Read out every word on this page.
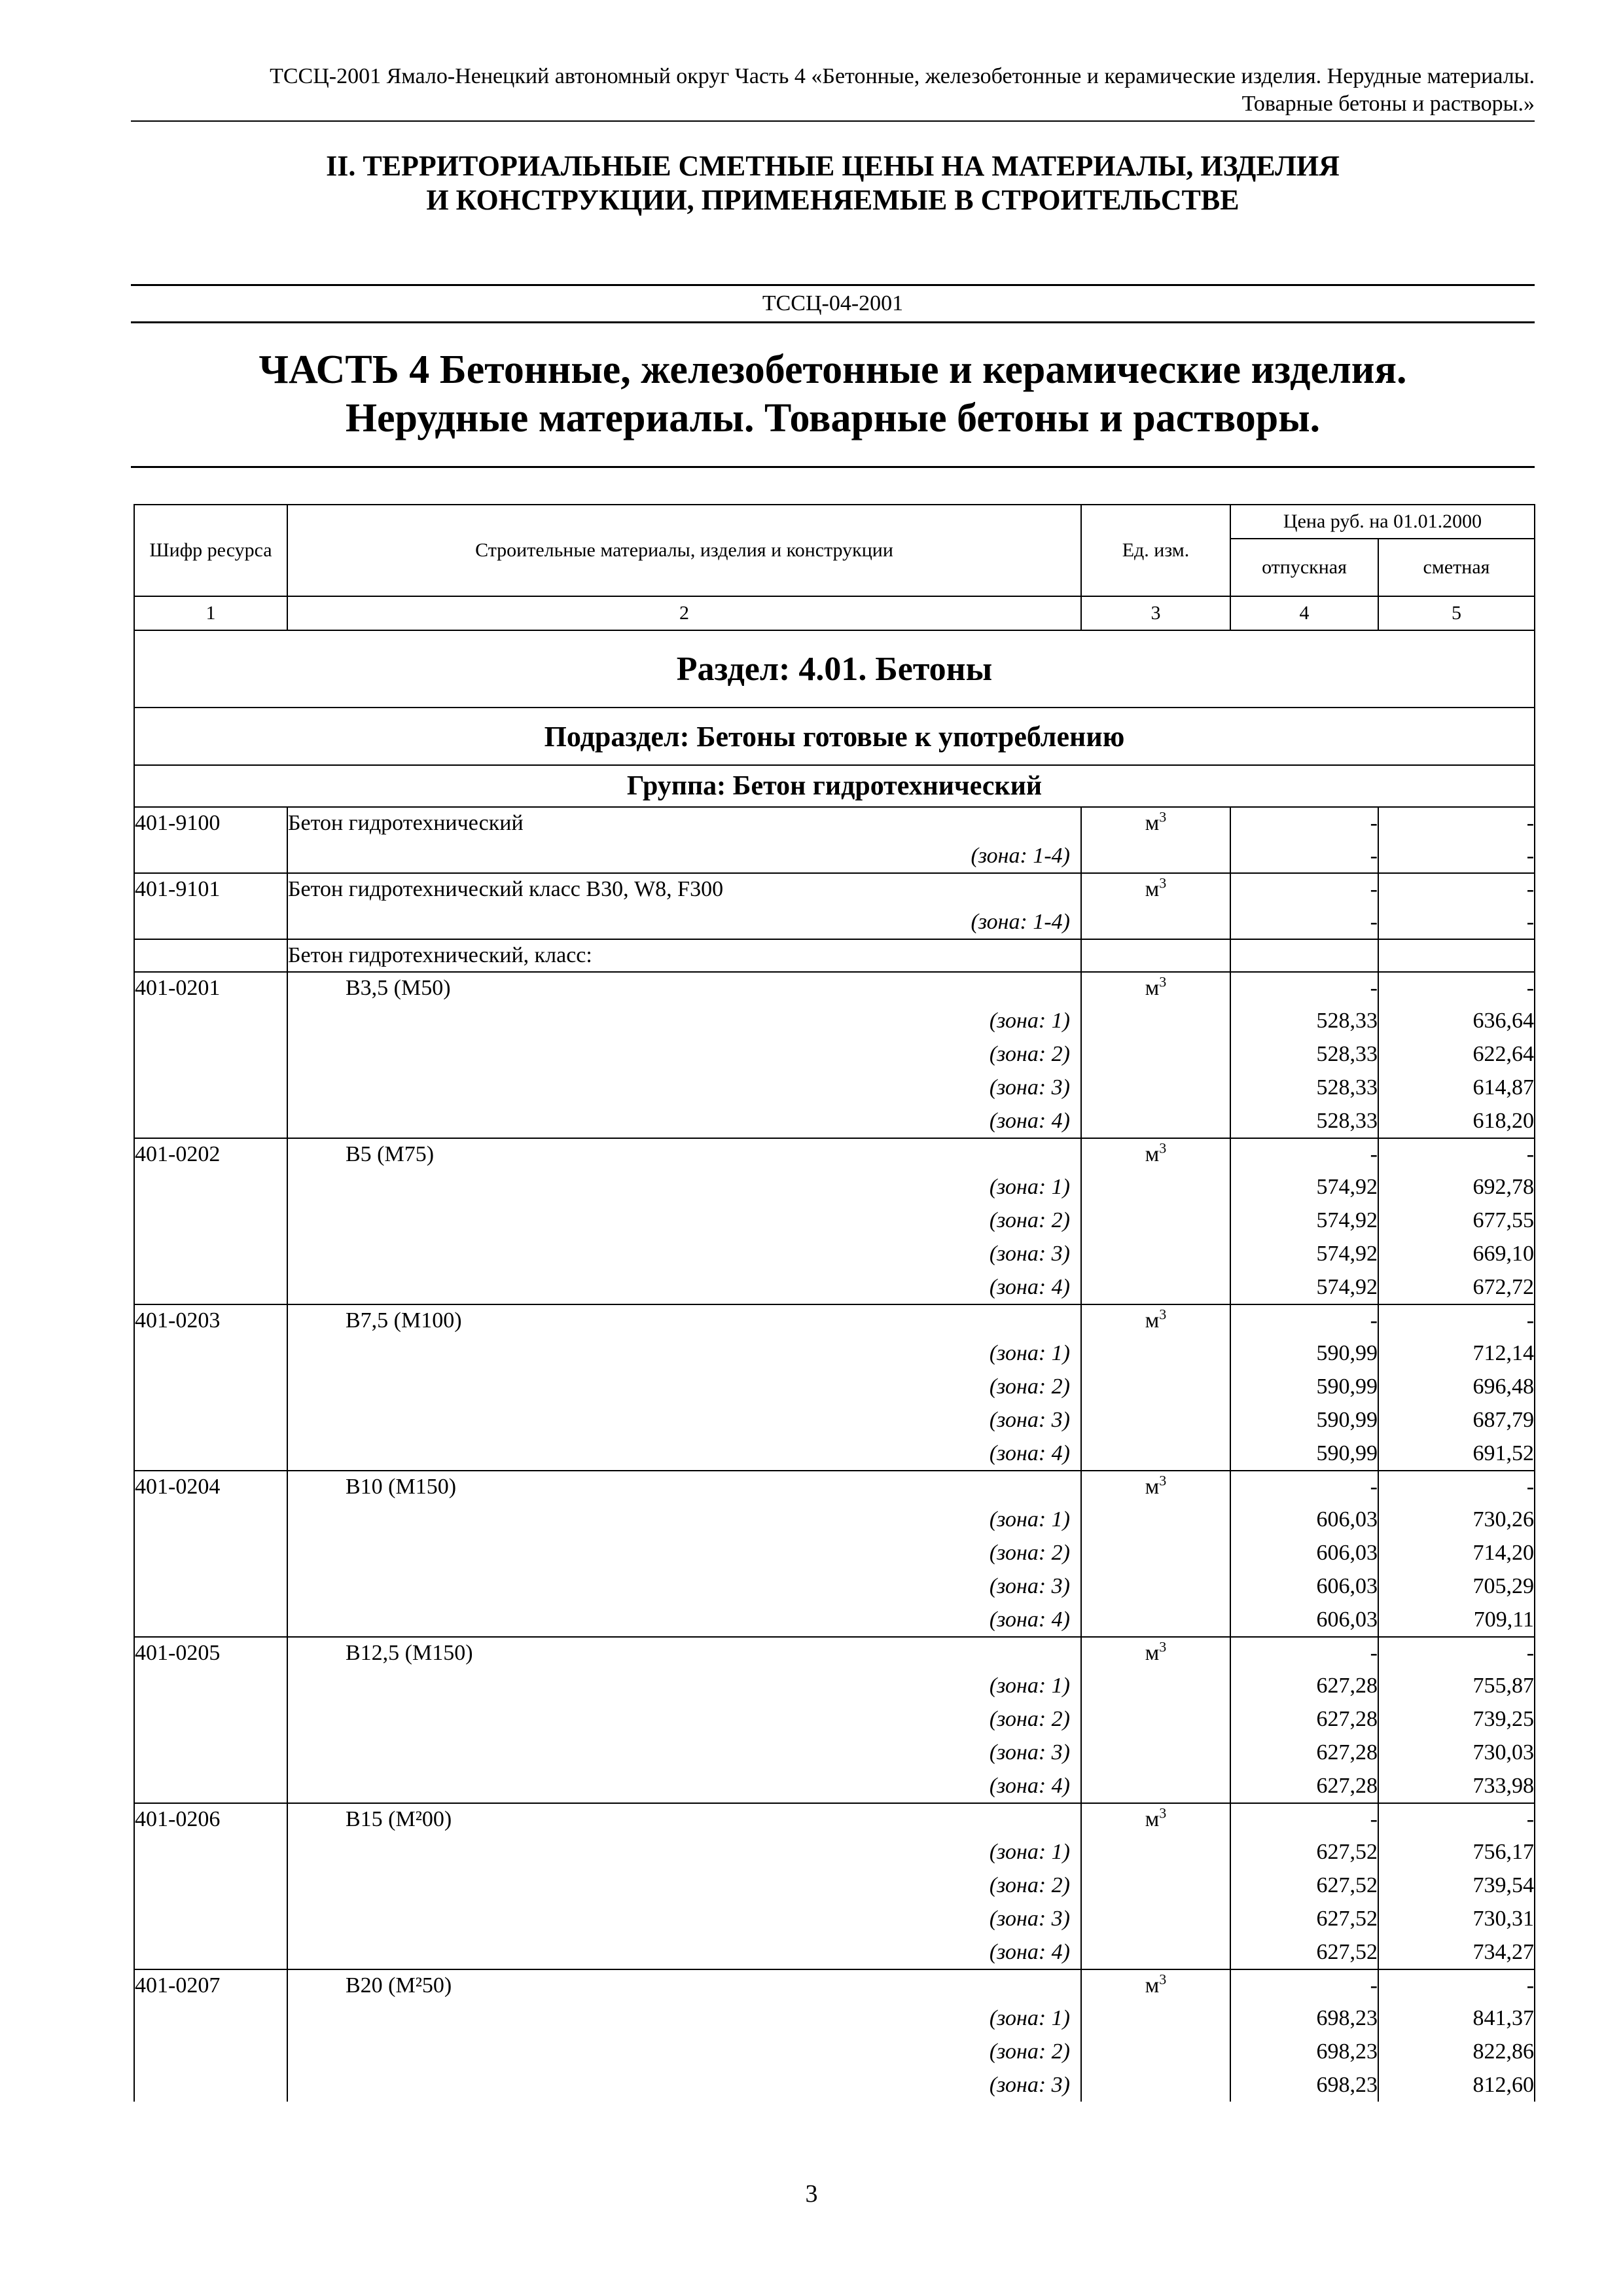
ТССЦ-2001 Ямало-Ненецкий автономный округ Часть 4 «Бетонные, железобетонные и керамические изделия. Нерудные материалы.
Товарные бетоны и растворы.»
II. ТЕРРИТОРИАЛЬНЫЕ СМЕТНЫЕ ЦЕНЫ НА МАТЕРИАЛЫ, ИЗДЕЛИЯ
И КОНСТРУКЦИИ, ПРИМЕНЯЕМЫЕ В СТРОИТЕЛЬСТВЕ
ТССЦ-04-2001
ЧАСТЬ 4 Бетонные, железобетонные и керамические изделия.
Нерудные материалы. Товарные бетоны и растворы.
Шифр ресурса	Строительные материалы, изделия и конструкции	Ед. изм.	Цена руб. на 01.01.2000	
			отпускная	сметная
1	2	3	4	5
Раздел: 4.01. Бетоны				
Подраздел: Бетоны готовые к употреблению				
Группа: Бетон гидротехнический				
401-9100	Бетон гидротехнический	$м^3$	-	-
	(зона: 1-4)		-	-
401-9101	Бетон гидротехнический класс В30, W8, F300	$м^3$	-	-
	(зона: 1-4)		-	-
	Бетон гидротехнический, класс:			
401-0201	В3,5 (М50)	$м^3$	-	-
	(зона: 1)		528,33	636,64
	(зона: 2)		528,33	622,64
	(зона: 3)		528,33	614,87
	(зона: 4)		528,33	618,20
401-0202	В5 (М75)	$м^3$	-	-
	(зона: 1)		574,92	692,78
	(зона: 2)		574,92	677,55
	(зона: 3)		574,92	669,10
	(зона: 4)		574,92	672,72
401-0203	В7,5 (М100)	$м^3$	-	-
	(зона: 1)		590,99	712,14
	(зона: 2)		590,99	696,48
	(зона: 3)		590,99	687,79
	(зона: 4)		590,99	691,52
401-0204	В10 (М150)	$м^3$	-	-
	(зона: 1)		606,03	730,26
	(зона: 2)		606,03	714,20
	(зона: 3)		606,03	705,29
	(зона: 4)		606,03	709,11
401-0205	В12,5 (М150)	$м^3$	-	-
	(зона: 1)		627,28	755,87
	(зона: 2)		627,28	739,25
	(зона: 3)		627,28	730,03
	(зона: 4)		627,28	733,98
401-0206	В15 (М²00)	$м^3$	-	-
	(зона: 1)		627,52	756,17
	(зона: 2)		627,52	739,54
	(зона: 3)		627,52	730,31
	(зона: 4)		627,52	734,27
401-0207	В20 (М²50)	$м^3$	-	-
	(зона: 1)		698,23	841,37
	(зона: 2)		698,23	822,86
	(зона: 3)		698,23	812,60
3
